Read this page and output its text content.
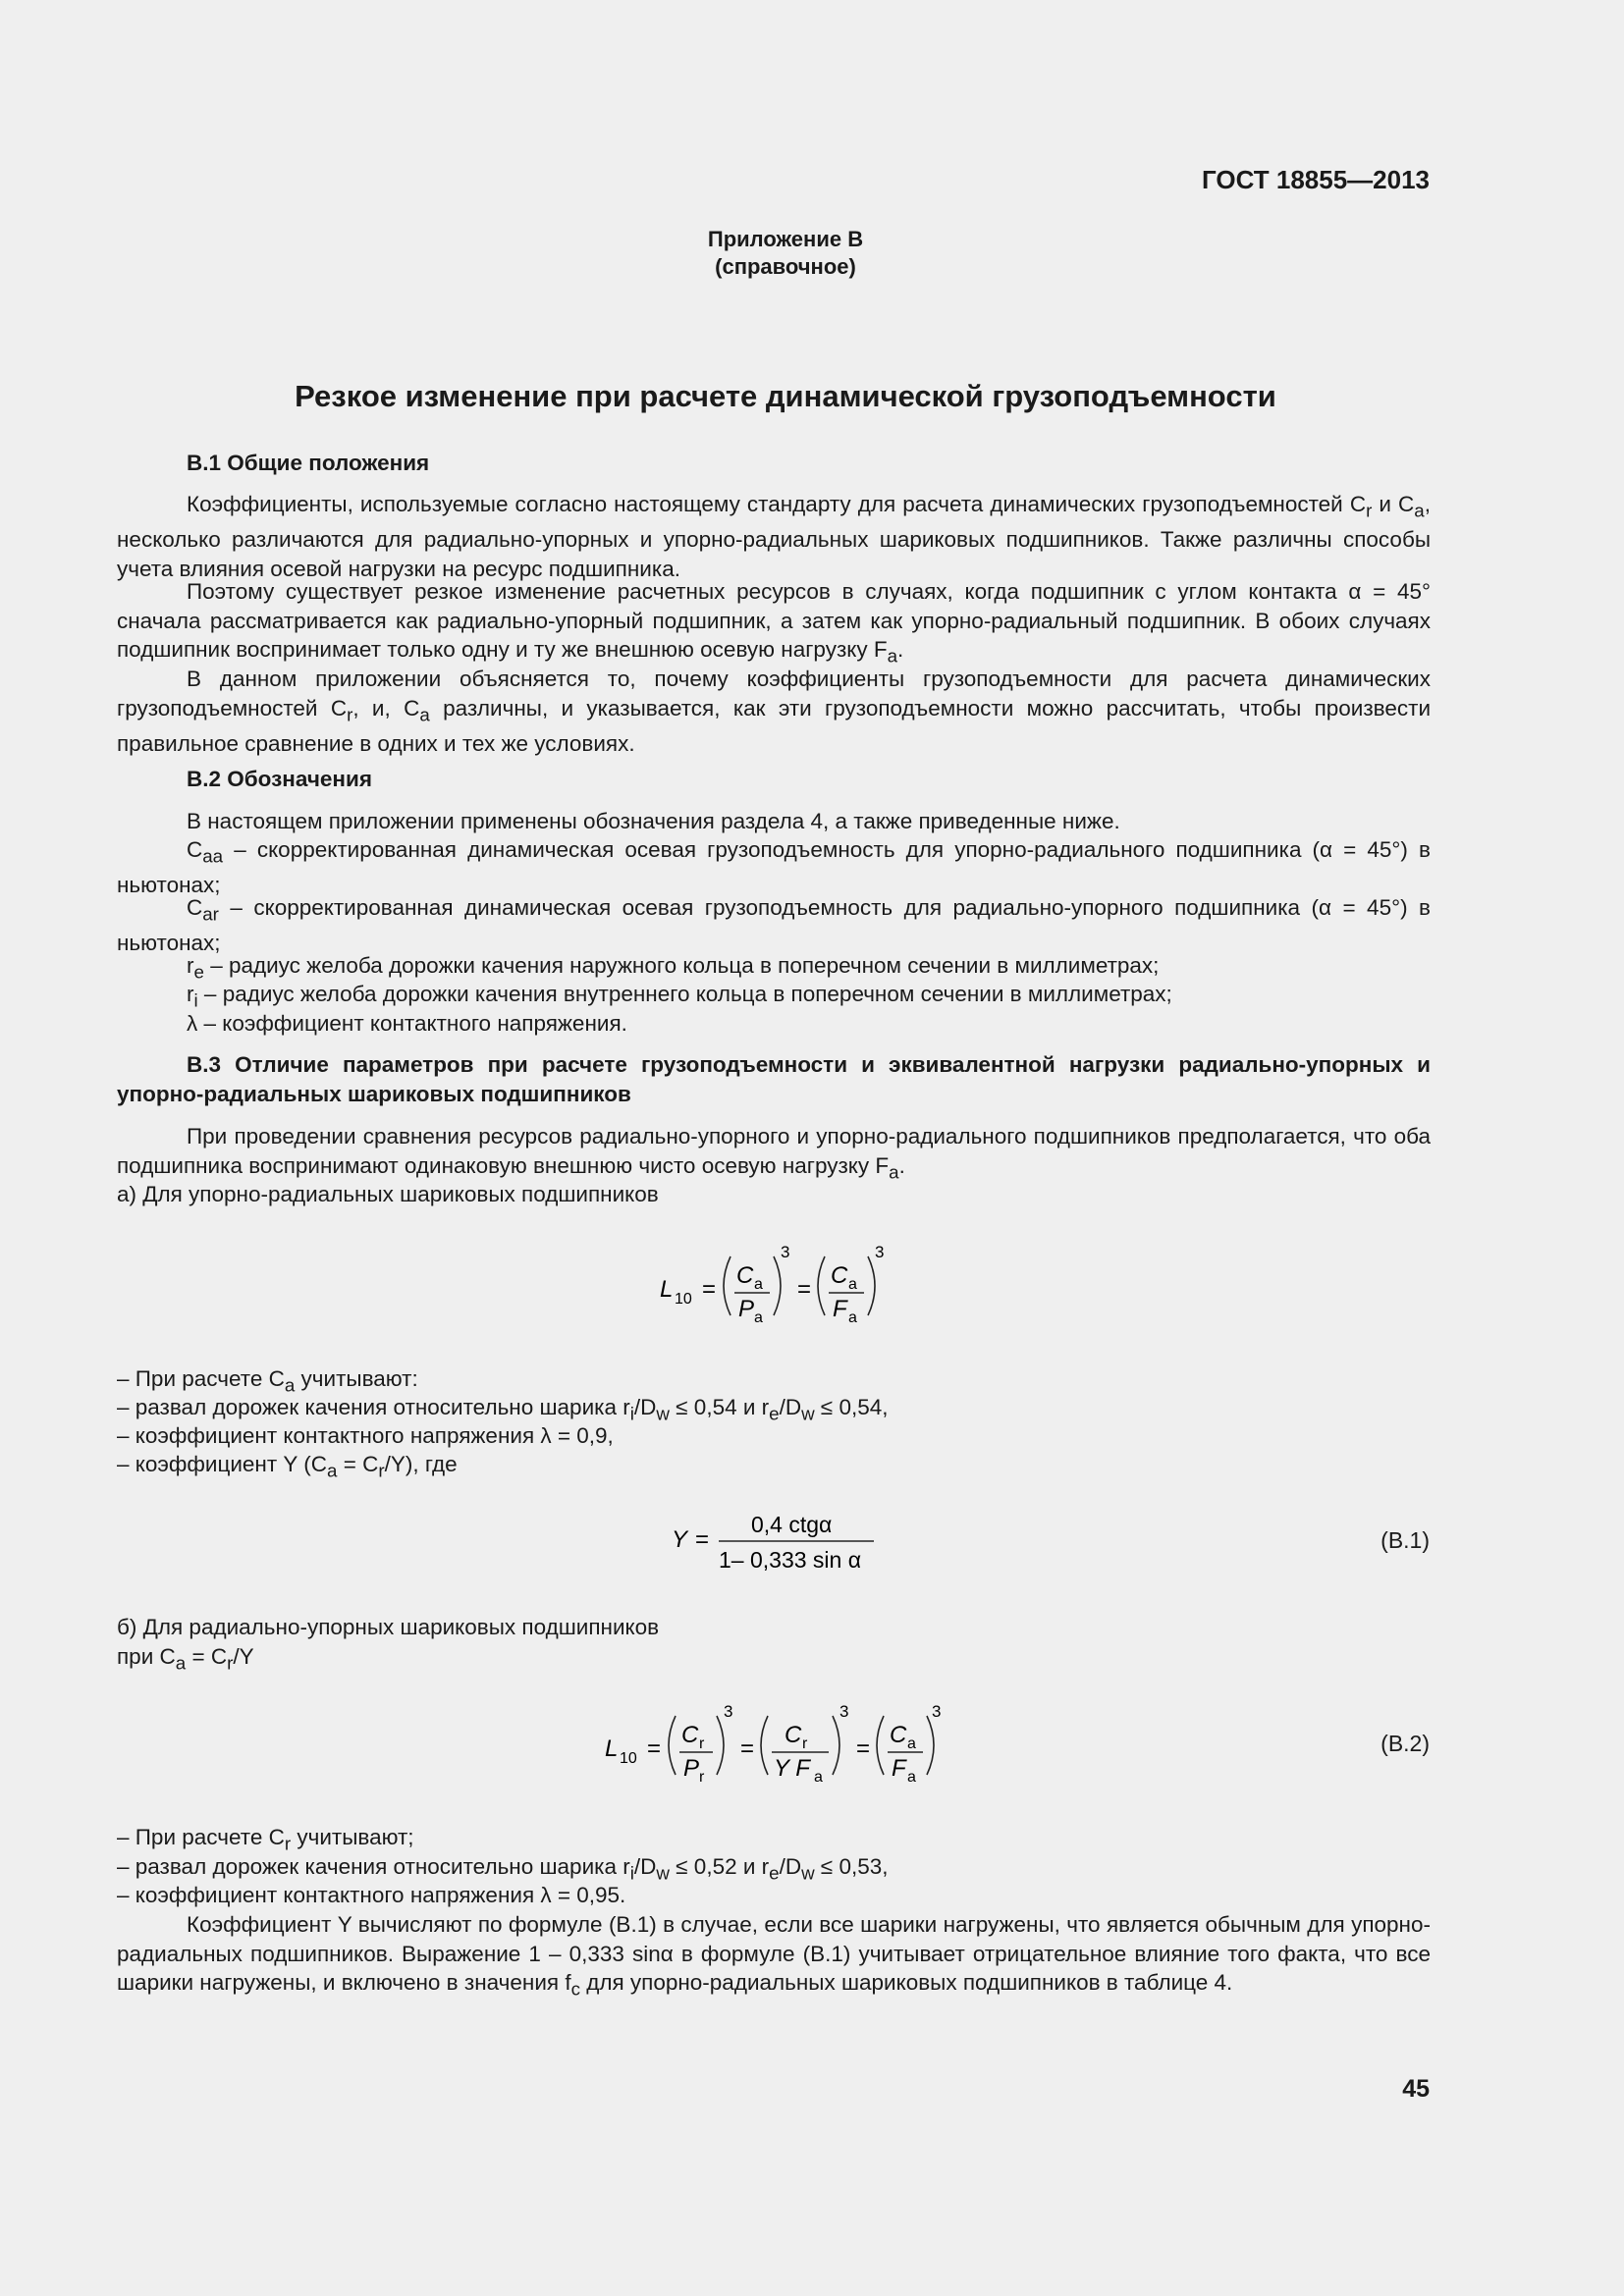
ГОСТ 18855—2013
Приложение В
(справочное)
Резкое изменение при расчете динамической грузоподъемности
В.1 Общие положения
Коэффициенты, используемые согласно настоящему стандарту для расчета динамических грузоподъемностей $C_r$ и $C_a$, несколько различаются для радиально-упорных и упорно-радиальных шариковых подшипников. Также различны способы учета влияния осевой нагрузки на ресурс подшипника.
Поэтому существует резкое изменение расчетных ресурсов в случаях, когда подшипник с углом контакта α = 45° сначала рассматривается как радиально-упорный подшипник, а затем как упорно-радиальный подшипник. В обоих случаях подшипник воспринимает только одну и ту же внешнюю осевую нагрузку $F_a$.
В данном приложении объясняется то, почему коэффициенты грузоподъемности для расчета динамических грузоподъемностей $C_r$, и, $C_a$ различны, и указывается, как эти грузоподъемности можно рассчитать, чтобы произвести правильное сравнение в одних и тех же условиях.
В.2 Обозначения
В настоящем приложении применены обозначения раздела 4, а также приведенные ниже.
$C_{aa}$ – скорректированная динамическая осевая грузоподъемность для упорно-радиального подшипника (α = 45°) в ньютонах;
$C_{ar}$ – скорректированная динамическая осевая грузоподъемность для радиально-упорного подшипника (α = 45°) в ньютонах;
$r_e$ – радиус желоба дорожки качения наружного кольца в поперечном сечении в миллиметрах;
$r_i$ – радиус желоба дорожки качения внутреннего кольца в поперечном сечении в миллиметрах;
λ – коэффициент контактного напряжения.
В.3 Отличие параметров при расчете грузоподъемности и эквивалентной нагрузки радиально-упорных и упорно-радиальных шариковых подшипников
При проведении сравнения ресурсов радиально-упорного и упорно-радиального подшипников предполагается, что оба подшипника воспринимают одинаковую внешнюю чисто осевую нагрузку $F_a$.
а) Для упорно-радиальных шариковых подшипников
L 10 =
C a
P a
3
=
C a
F a
3
– При расчете $C_a$ учитывают:
– развал дорожек качения относительно шарика $r_i/D_w \le 0,54$ и $r_e/D_w \le 0,54$,
– коэффициент контактного напряжения λ = 0,9,
– коэффициент Y $(C_a = C_r/Y)$, где
Y =
0,4 ctgα
1– 0,333 sin α
(В.1)
б) Для радиально-упорных шариковых подшипников
при $C_a = C_r/Y$
L 10 =
C r
P r
3
=
C r
Y F a
3
=
C a
F a
3
(В.2)
– При расчете $C_r$ учитывают;
– развал дорожек качения относительно шарика $r_i/D_w \le 0,52$ и $r_e/D_w \le 0,53$,
– коэффициент контактного напряжения λ = 0,95.
Коэффициент Y вычисляют по формуле (В.1) в случае, если все шарики нагружены, что является обычным для упорно-радиальных подшипников. Выражение 1 – 0,333 sinα в формуле (В.1) учитывает отрицательное влияние того факта, что все шарики нагружены, и включено в значения $f_c$ для упорно-радиальных шариковых подшипников в таблице 4.
45
